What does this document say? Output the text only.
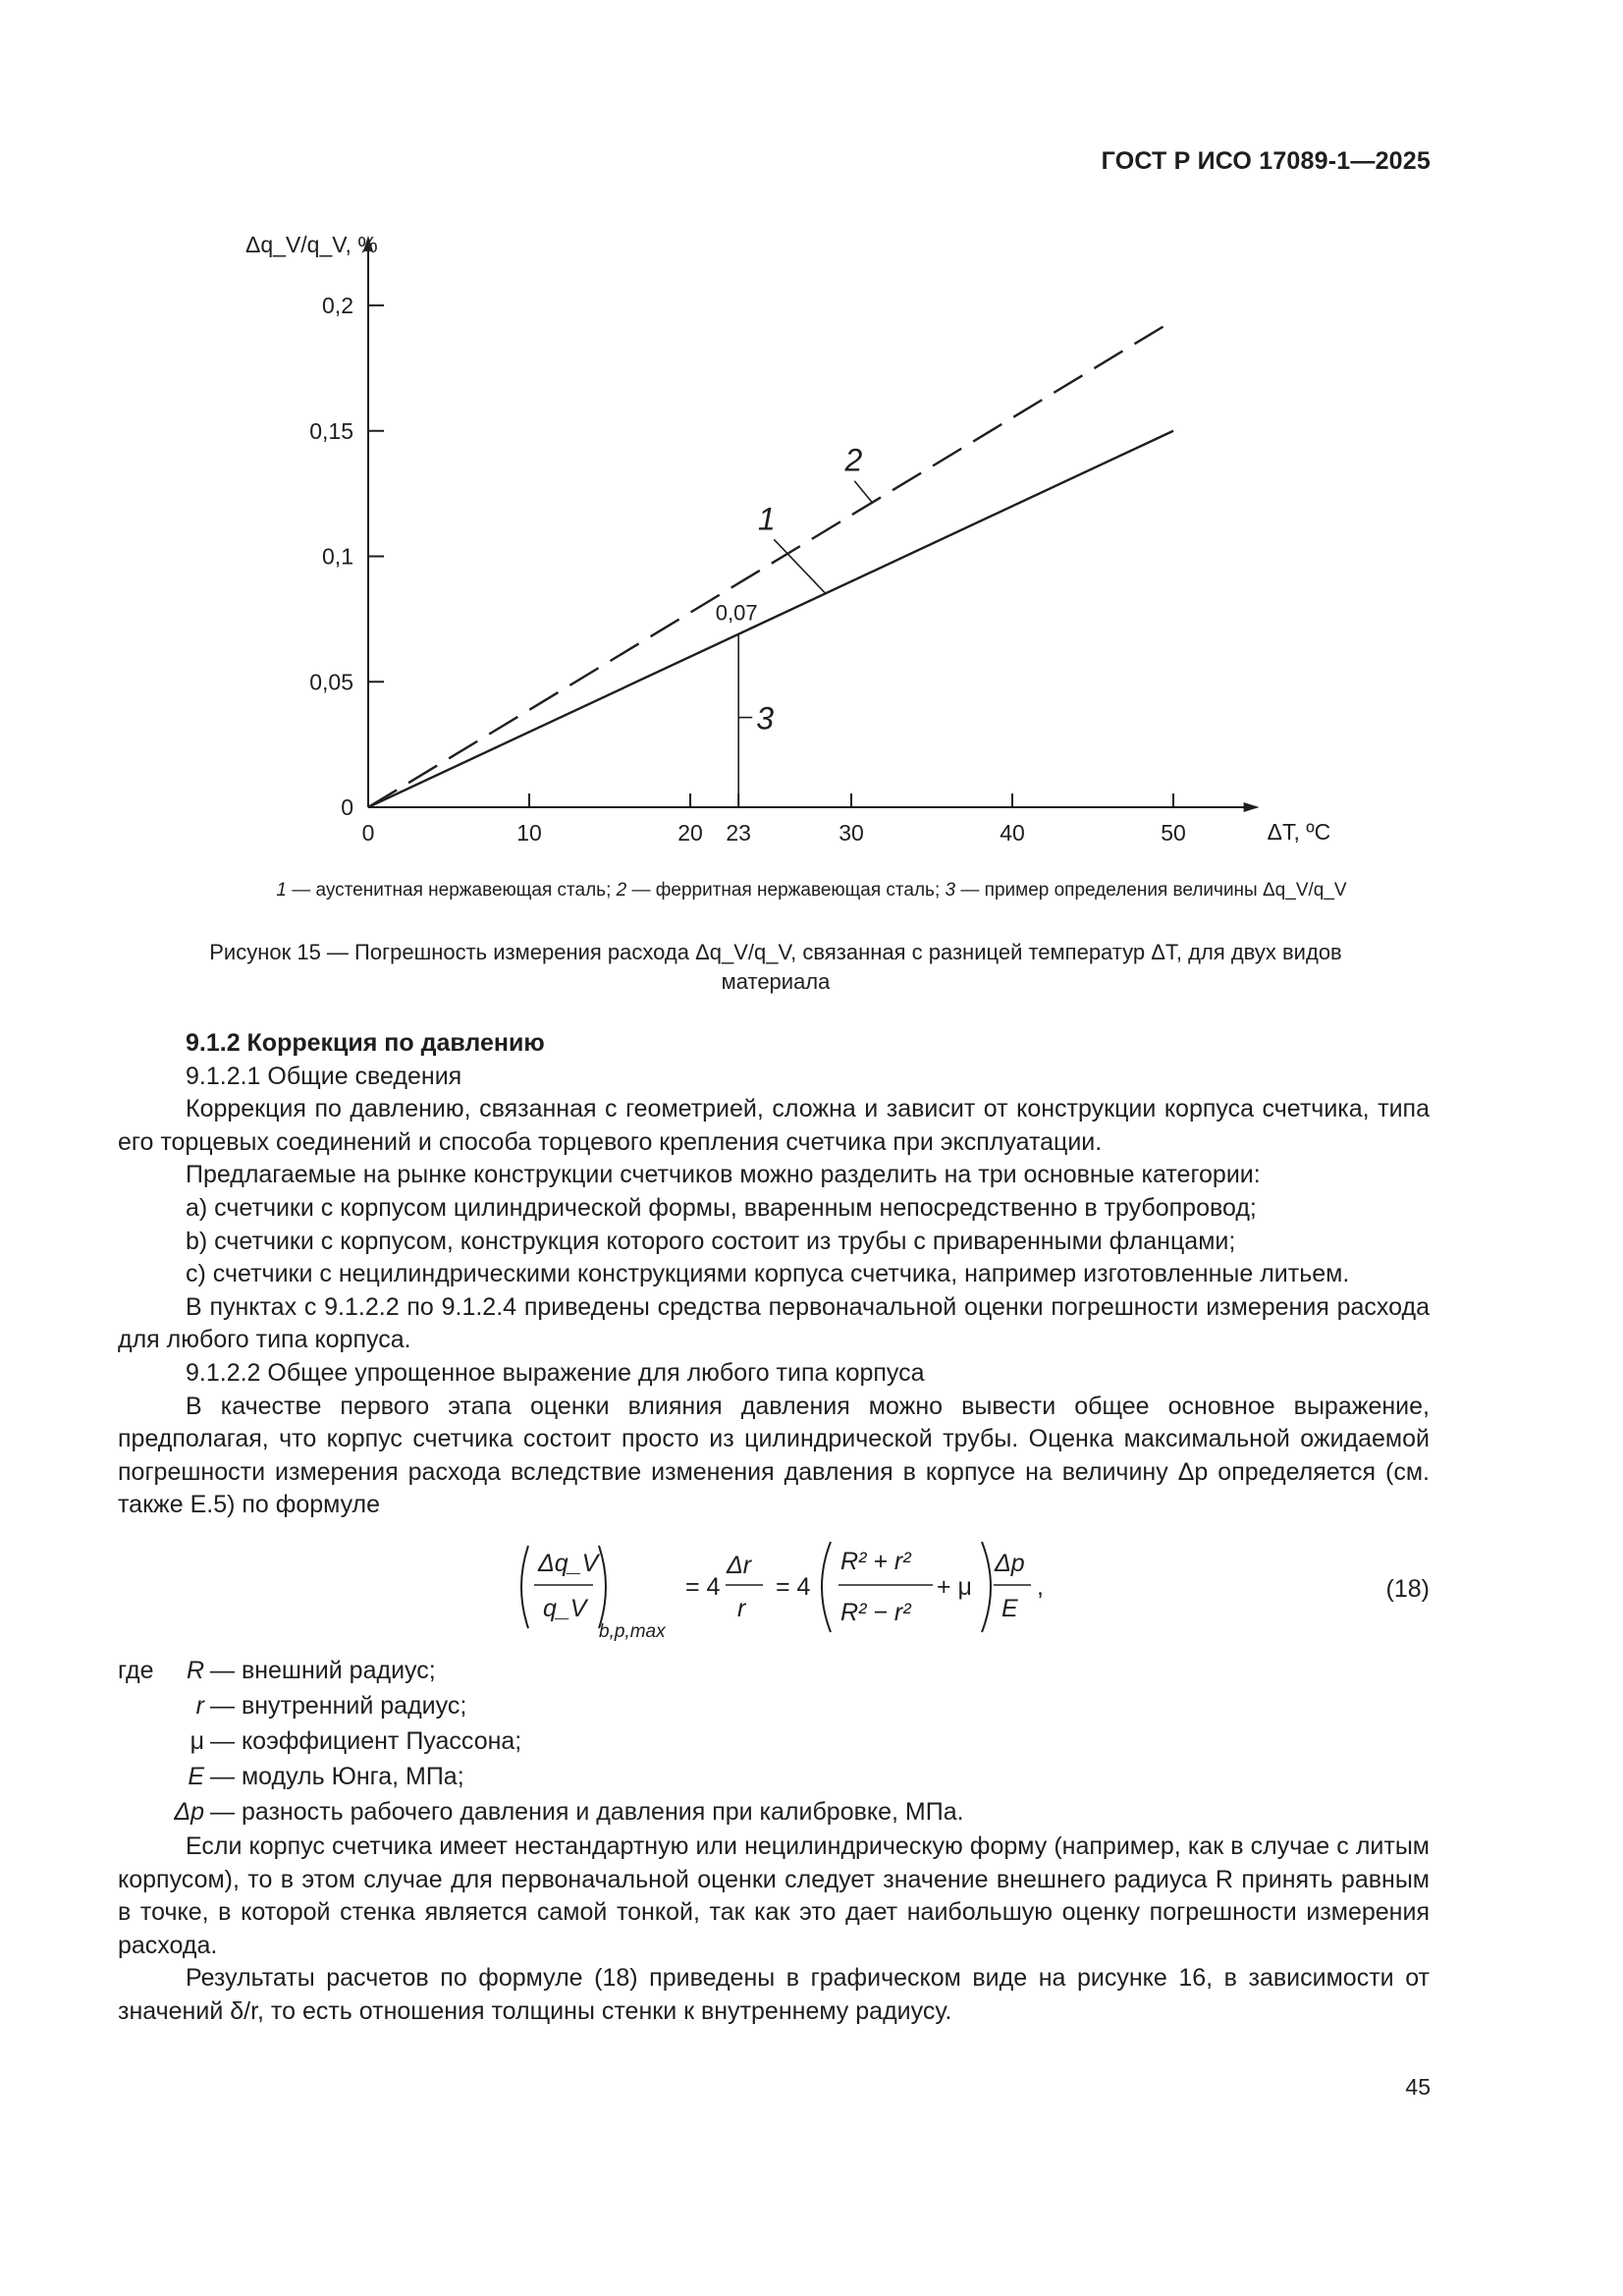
ГОСТ Р ИСО 17089-1—2025
0	10	20 23	30	40	50
0
0,05
0,1
0,15
0,2
Δq_V/q_V, %
ΔT, ºC
1
2
0,07
3
1 — аустенитная нержавеющая сталь; 2 — ферритная нержавеющая сталь; 3 — пример определения величины Δq_V/q_V
Рисунок 15 — Погрешность измерения расхода Δq_V/q_V, связанная с разницей температур ΔT, для двух видов
материала

9.1.2 Коррекция по давлению

9.1.2.1 Общие сведения

Коррекция по давлению, связанная с геометрией, сложна и зависит от конструкции корпуса счетчика, типа его торцевых соединений и способа торцевого крепления счетчика при эксплуатации.

Предлагаемые на рынке конструкции счетчиков можно разделить на три основные категории:

a) счетчики с корпусом цилиндрической формы, вваренным непосредственно в трубопровод;

b) счетчики с корпусом, конструкция которого состоит из трубы с приваренными фланцами;

c) счетчики с нецилиндрическими конструкциями корпуса счетчика, например изготовленные литьем.

В пунктах с 9.1.2.2 по 9.1.2.4 приведены средства первоначальной оценки погрешности измерения расхода для любого типа корпуса.

9.1.2.2 Общее упрощенное выражение для любого типа корпуса

В качестве первого этапа оценки влияния давления можно вывести общее основное выражение, предполагая, что корпус счетчика состоит просто из цилиндрической трубы. Оценка максимальной ожидаемой погрешности измерения расхода вследствие изменения давления в корпусе на величину Δp определяется (см. также Е.5) по формуле

Δq_V
q_V
b,p,max
= 4
Δr
r
= 4
R² + r²
R² − r²
+ μ
Δp
E
,	(18)
где	R — внешний радиус;
r — внутренний радиус;
μ — коэффициент Пуассона;
E — модуль Юнга, МПа;
Δp — разность рабочего давления и давления при калибровке, МПа.

Если корпус счетчика имеет нестандартную или нецилиндрическую форму (например, как в случае с литым корпусом), то в этом случае для первоначальной оценки следует значение внешнего радиуса R принять равным в точке, в которой стенка является самой тонкой, так как это дает наибольшую оценку погрешности измерения расхода.

Результаты расчетов по формуле (18) приведены в графическом виде на рисунке 16, в зависимости от значений δ/r, то есть отношения толщины стенки к внутреннему радиусу.

45
